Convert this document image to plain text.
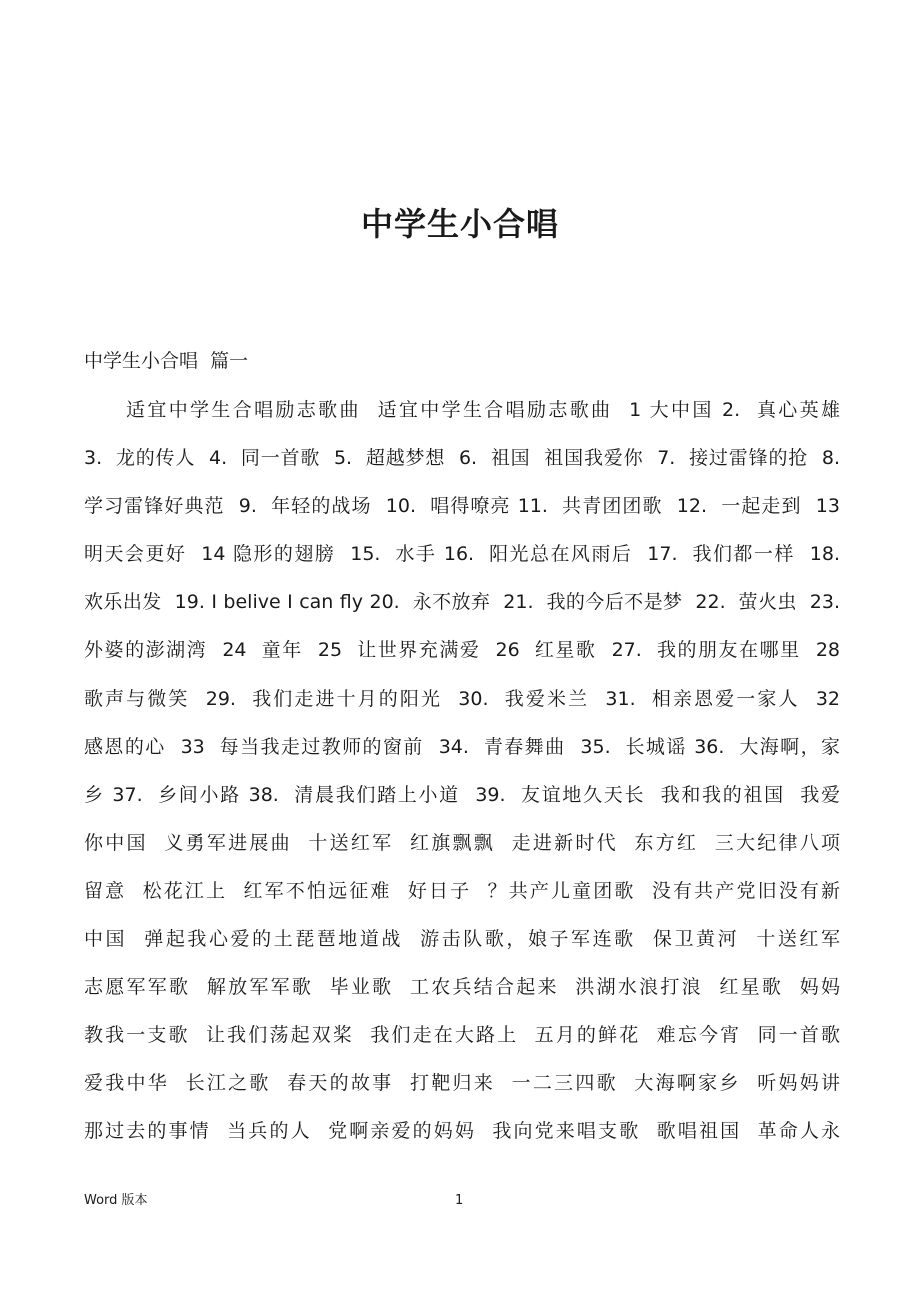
中学生小合唱

中学生小合唱  篇一

适宜中学生合唱励志歌曲  适宜中学生合唱励志歌曲  1 大中国 2.  真心英雄
3.  龙的传人  4.  同一首歌  5.  超越梦想  6.  祖国  祖国我爱你  7.  接过雷锋的抢  8.
学习雷锋好典范  9.  年轻的战场  10.  唱得嘹亮 11.  共青团团歌  12.  一起走到  13
明天会更好  14 隐形的翅膀  15.  水手 16.  阳光总在风雨后  17.  我们都一样  18.
欢乐出发  19. I belive I can fly 20.  永不放弃  21.  我的今后不是梦  22.  萤火虫  23.
外婆的澎湖湾  24  童年  25  让世界充满爱  26  红星歌  27.  我的朋友在哪里  28
歌声与微笑  29.  我们走进十月的阳光  30.  我爱米兰  31.  相亲恩爱一家人  32
感恩的心  33  每当我走过教师的窗前  34.  青春舞曲  35.  长城谣 36.  大海啊，家
乡 37.  乡间小路 38.  清晨我们踏上小道  39.  友谊地久天长  我和我的祖国  我爱
你中国  义勇军进展曲  十送红军  红旗飘飘  走进新时代  东方红  三大纪律八项
留意  松花江上  红军不怕远征难  好日子  ？共产儿童团歌  没有共产党旧没有新
中国  弹起我心爱的土琵琶地道战  游击队歌，娘子军连歌  保卫黄河  十送红军
志愿军军歌  解放军军歌  毕业歌  工农兵结合起来  洪湖水浪打浪  红星歌  妈妈
教我一支歌  让我们荡起双桨  我们走在大路上  五月的鲜花  难忘今宵  同一首歌
爱我中华  长江之歌  春天的故事  打靶归来  一二三四歌  大海啊家乡  听妈妈讲
那过去的事情  当兵的人  党啊亲爱的妈妈  我向党来唱支歌  歌唱祖国  革命人永
Word 版本	1
